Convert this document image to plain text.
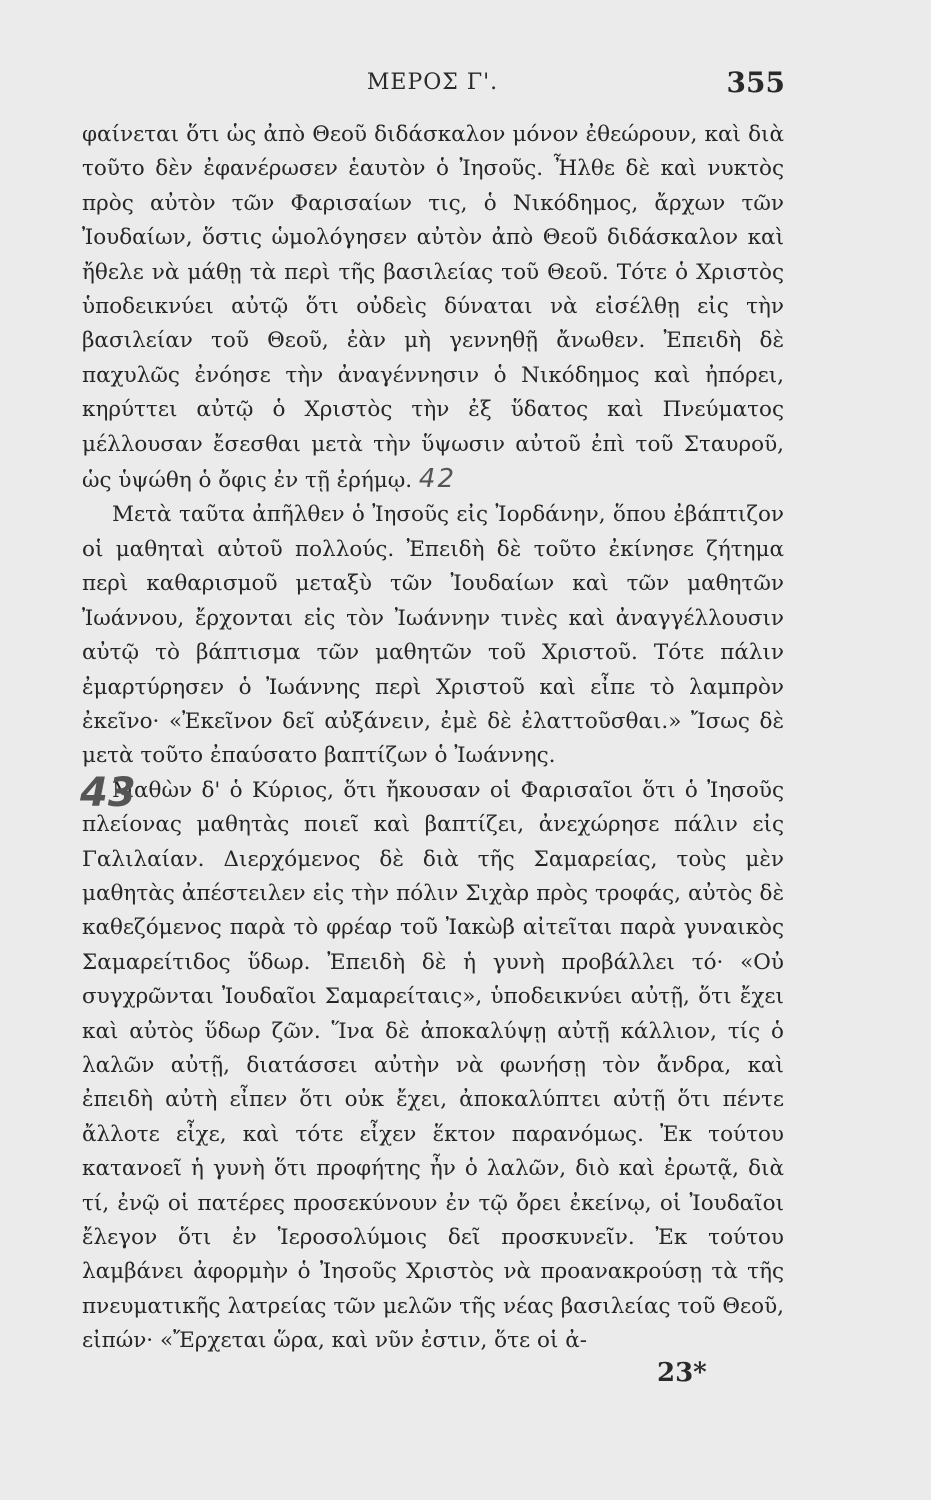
ΜΕΡΟΣ Γ'.	355

φαίνεται ὅτι ὡς ἀπὸ Θεοῦ διδάσκαλον μόνον ἐθεώρουν, καὶ διὰ τοῦτο δὲν ἐφανέρωσεν ἑαυτὸν ὁ Ἰησοῦς. Ἦλθε δὲ καὶ νυκτὸς πρὸς αὐτὸν τῶν Φαρισαίων τις, ὁ Νικόδημος, ἄρχων τῶν Ἰουδαίων, ὅστις ὡμολόγησεν αὐτὸν ἀπὸ Θεοῦ διδάσκαλον καὶ ἤθελε νὰ μάθῃ τὰ περὶ τῆς βασιλείας τοῦ Θεοῦ. Τότε ὁ Χριστὸς ὑποδεικνύει αὐτῷ ὅτι οὐδεὶς δύναται νὰ εἰσέλθῃ εἰς τὴν βασιλείαν τοῦ Θεοῦ, ἐὰν μὴ γεννηθῇ ἄνωθεν. Ἐπειδὴ δὲ παχυλῶς ἐνόησε τὴν ἀναγέννησιν ὁ Νικόδημος καὶ ἠπόρει, κηρύττει αὐτῷ ὁ Χριστὸς τὴν ἐξ ὕδατος καὶ Πνεύματος μέλλουσαν ἔσεσθαι μετὰ τὴν ὕψωσιν αὐτοῦ ἐπὶ τοῦ Σταυροῦ, ὡς ὑψώθη ὁ ὄφις ἐν τῇ ἐρήμῳ. 42

Μετὰ ταῦτα ἀπῆλθεν ὁ Ἰησοῦς εἰς Ἰορδάνην, ὅπου ἐβάπτιζον οἱ μαθηταὶ αὐτοῦ πολλούς. Ἐπειδὴ δὲ τοῦτο ἐκίνησε ζήτημα περὶ καθαρισμοῦ μεταξὺ τῶν Ἰουδαίων καὶ τῶν μαθητῶν Ἰωάννου, ἔρχονται εἰς τὸν Ἰωάννην τινὲς καὶ ἀναγγέλλουσιν αὐτῷ τὸ βάπτισμα τῶν μαθητῶν τοῦ Χριστοῦ. Τότε πάλιν ἐμαρτύρησεν ὁ Ἰωάννης περὶ Χριστοῦ καὶ εἶπε τὸ λαμπρὸν ἐκεῖνο· «Ἐκεῖνον δεῖ αὐξάνειν, ἐμὲ δὲ ἐλαττοῦσθαι.» Ἴσως δὲ μετὰ τοῦτο ἐπαύσατο βαπτίζων ὁ Ἰωάννης.

Μαθὼν δ' ὁ Κύριος, ὅτι ἤκουσαν οἱ Φαρισαῖοι ὅτι ὁ Ἰησοῦς πλείονας μαθητὰς ποιεῖ καὶ βαπτίζει, ἀνεχώρησε πάλιν εἰς Γαλιλαίαν. Διερχόμενος δὲ διὰ τῆς Σαμαρείας, τοὺς μὲν μαθητὰς ἀπέστειλεν εἰς τὴν πόλιν Σιχὰρ πρὸς τροφάς, αὐτὸς δὲ καθεζόμενος παρὰ τὸ φρέαρ τοῦ Ἰακὼβ αἰτεῖται παρὰ γυναικὸς Σαμαρείτιδος ὕδωρ. Ἐπειδὴ δὲ ἡ γυνὴ προβάλλει τό· «Οὐ συγχρῶνται Ἰουδαῖοι Σαμαρείταις», ὑποδεικνύει αὐτῇ, ὅτι ἔχει καὶ αὐτὸς ὕδωρ ζῶν. Ἵνα δὲ ἀποκαλύψῃ αὐτῇ κάλλιον, τίς ὁ λαλῶν αὐτῇ, διατάσσει αὐτὴν νὰ φωνήσῃ τὸν ἄνδρα, καὶ ἐπειδὴ αὐτὴ εἶπεν ὅτι οὐκ ἔχει, ἀποκαλύπτει αὐτῇ ὅτι πέντε ἄλλοτε εἶχε, καὶ τότε εἶχεν ἕκτον παρανόμως. Ἐκ τούτου κατανοεῖ ἡ γυνὴ ὅτι προφήτης ἦν ὁ λαλῶν, διὸ καὶ ἐρωτᾷ, διὰ τί, ἐνῷ οἱ πατέρες προσεκύνουν ἐν τῷ ὄρει ἐκείνῳ, οἱ Ἰουδαῖοι ἔλεγον ὅτι ἐν Ἱεροσολύμοις δεῖ προσκυνεῖν. Ἐκ τούτου λαμβάνει ἀφορμὴν ὁ Ἰησοῦς Χριστὸς νὰ προανακρούσῃ τὰ τῆς πνευματικῆς λατρείας τῶν μελῶν τῆς νέας βασιλείας τοῦ Θεοῦ, εἰπών· «Ἔρχεται ὥρα, καὶ νῦν ἐστιν, ὅτε οἱ ἀ-

43
23*
